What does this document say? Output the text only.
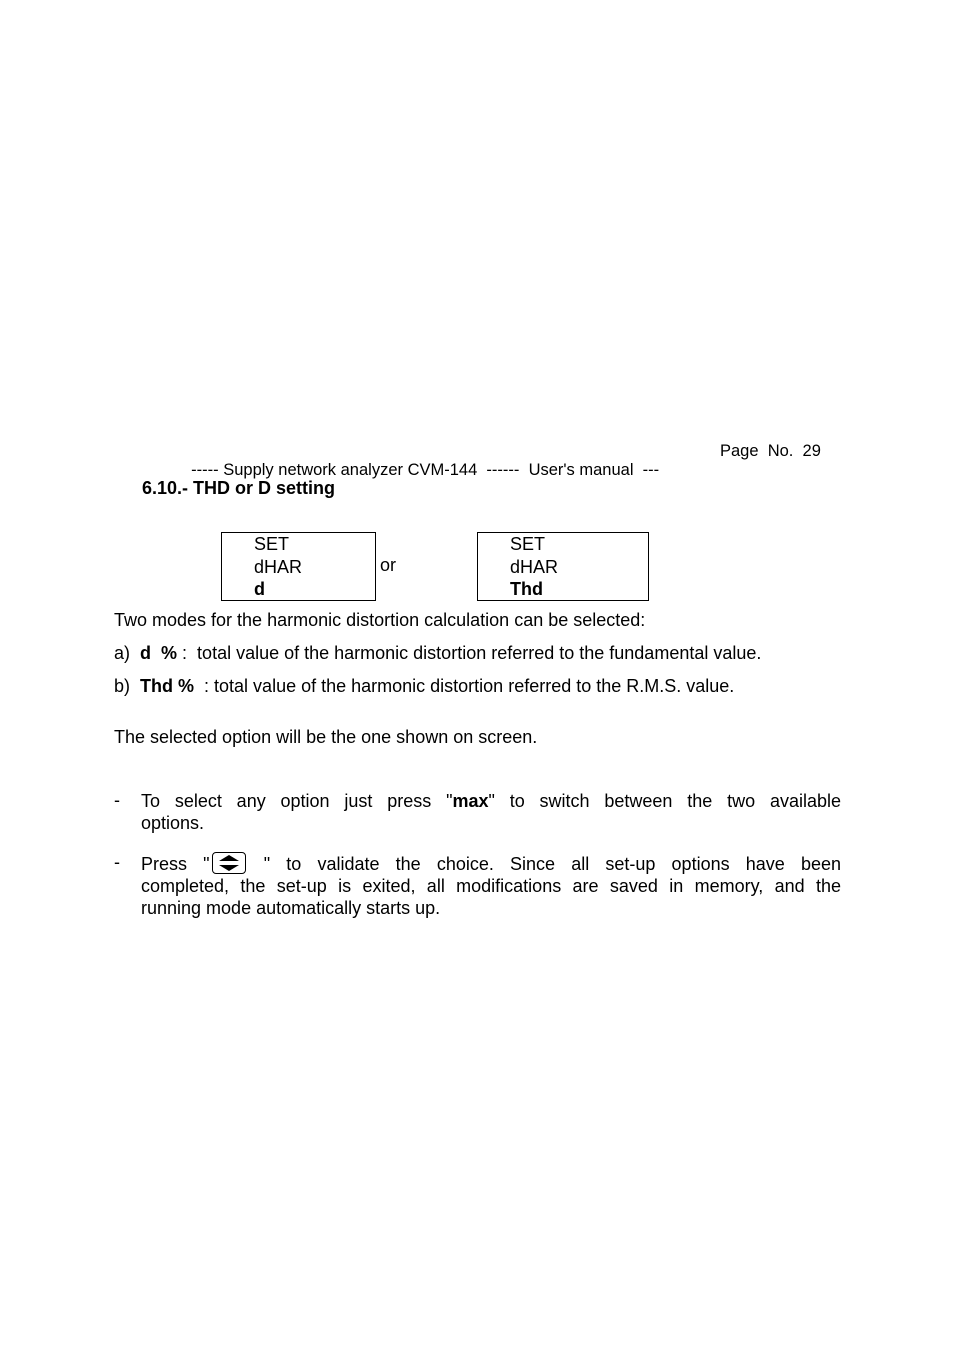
----- Supply network analyzer CVM-144  ------  User's manual  ---

Page  No.  29

6.10.- THD or D setting
SET
dHAR
d
or
SET
dHAR
Thd
Two modes for the harmonic distortion calculation can be selected:
a) d  % :  total value of the harmonic distortion referred to the fundamental value.
b) Thd %  : total value of the harmonic distortion referred to the R.M.S. value.
The selected option will be the one shown on screen.
- To select any option just press "max" to switch between the two available
options.
- Press "
" to validate the choice. Since all set-up options have been
completed, the set-up is exited, all modifications are saved in memory, and the
running mode automatically starts up.
